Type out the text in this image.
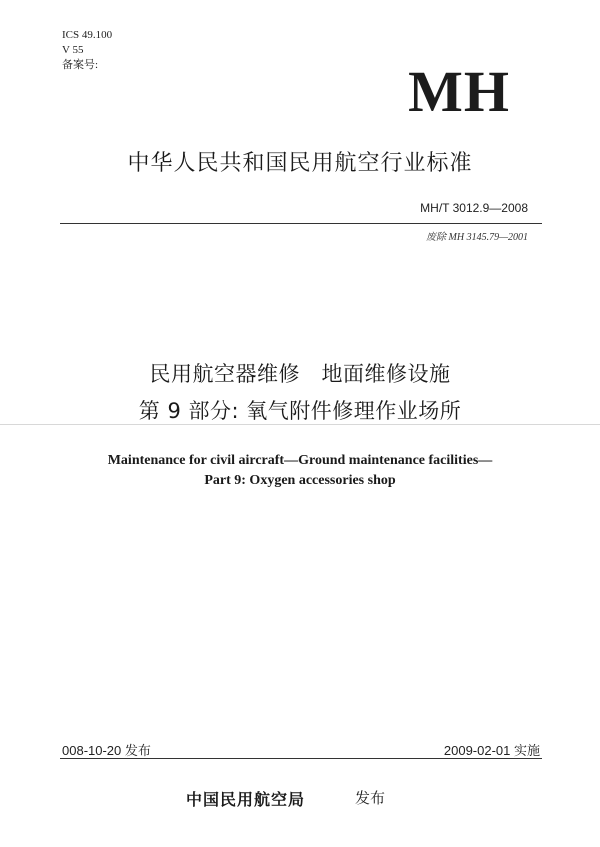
ICS 49.100
V 55
备案号:	MH
中华人民共和国民用航空行业标准
MH/T 3012.9—2008
废除 MH 3145.79—2001
民用航空器维修　地面维修设施
第 9 部分: 氧气附件修理作业场所
Maintenance for civil aircraft—Ground maintenance facilities—
Part 9: Oxygen accessories shop
008-10-20 发布	2009-02-01 实施
中国民用航空局	发布
